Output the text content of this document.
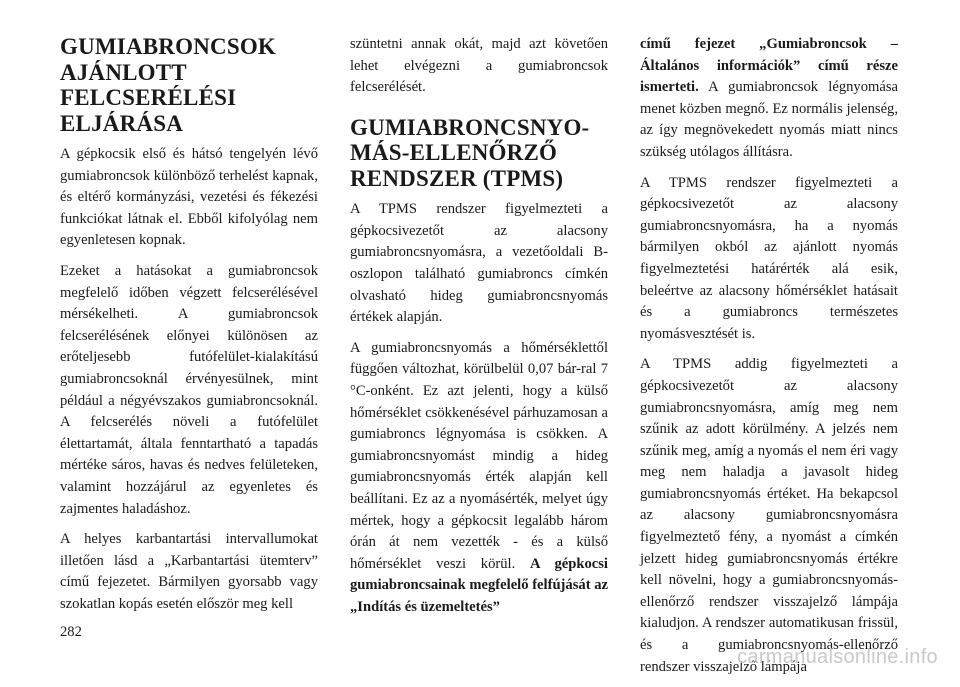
GUMIABRONCSOK
AJÁNLOTT
FELCSERÉLÉSI
ELJÁRÁSA

A gépkocsik első és hátsó tengelyén lévő gumiabroncsok különböző terhelést kapnak, és eltérő kormányzási, vezetési és fékezési funkciókat látnak el. Ebből kifolyólag nem egyenletesen kopnak.

Ezeket a hatásokat a gumiabroncsok megfelelő időben végzett felcserélésével mérsékelheti. A gumiabroncsok felcserélésének előnyei különösen az erőteljesebb futófelület-kialakítású gumiabroncsoknál érvényesülnek, mint például a négyévszakos gumiabroncsoknál. A felcserélés növeli a futófelület élettartamát, általa fenntartható a tapadás mértéke sáros, havas és nedves felületeken, valamint hozzájárul az egyenletes és zajmentes haladáshoz.

A helyes karbantartási intervallumokat illetően lásd a „Karbantartási ütemterv” című fejezetet. Bármilyen gyorsabb vagy szokatlan kopás esetén először meg kell

szüntetni annak okát, majd azt követően lehet elvégezni a gumiabroncsok felcserélését.

GUMIABRONCSNYO-
MÁS-ELLENŐRZŐ
RENDSZER (TPMS)

A TPMS rendszer figyelmezteti a gépkocsivezetőt az alacsony gumiabroncsnyomásra, a vezetőoldali B-oszlopon található gumiabroncs címkén olvasható hideg gumiabroncsnyomás értékek alapján.

A gumiabroncsnyomás a hőmérséklettől függően változhat, körülbelül 0,07 bár-ral 7 °C-onként. Ez azt jelenti, hogy a külső hőmérséklet csökkenésével párhuzamosan a gumiabroncs légnyomása is csökken. A gumiabroncsnyomást mindig a hideg gumiabroncsnyomás érték alapján kell beállítani. Ez az a nyomásérték, melyet úgy mértek, hogy a gépkocsit legalább három órán át nem vezették - és a külső hőmérséklet veszi körül. A gépkocsi gumiabroncsainak megfelelő felfújását az „Indítás és üzemeltetés”

című fejezet „Gumiabroncsok – Általános információk” című része ismerteti. A gumiabroncsok légnyomása menet közben megnő. Ez normális jelenség, az így megnövekedett nyomás miatt nincs szükség utólagos állításra.

A TPMS rendszer figyelmezteti a gépkocsivezetőt az alacsony gumiabroncsnyomásra, ha a nyomás bármilyen okból az ajánlott nyomás figyelmeztetési határérték alá esik, beleértve az alacsony hőmérséklet hatásait és a gumiabroncs természetes nyomásvesztését is.

A TPMS addig figyelmezteti a gépkocsivezetőt az alacsony gumiabroncsnyomásra, amíg meg nem szűnik az adott körülmény. A jelzés nem szűnik meg, amíg a nyomás el nem éri vagy meg nem haladja a javasolt hideg gumiabroncsnyomás értéket. Ha bekapcsol az alacsony gumiabroncsnyomásra figyelmeztető fény, a nyomást a címkén jelzett hideg gumiabroncsnyomás értékre kell növelni, hogy a gumiabroncsnyomás-ellenőrző rendszer visszajelző lámpája kialudjon. A rendszer automatikusan frissül, és a gumiabroncsnyomás-ellenőrző rendszer visszajelző lámpája

282
carmanualsonline.info
